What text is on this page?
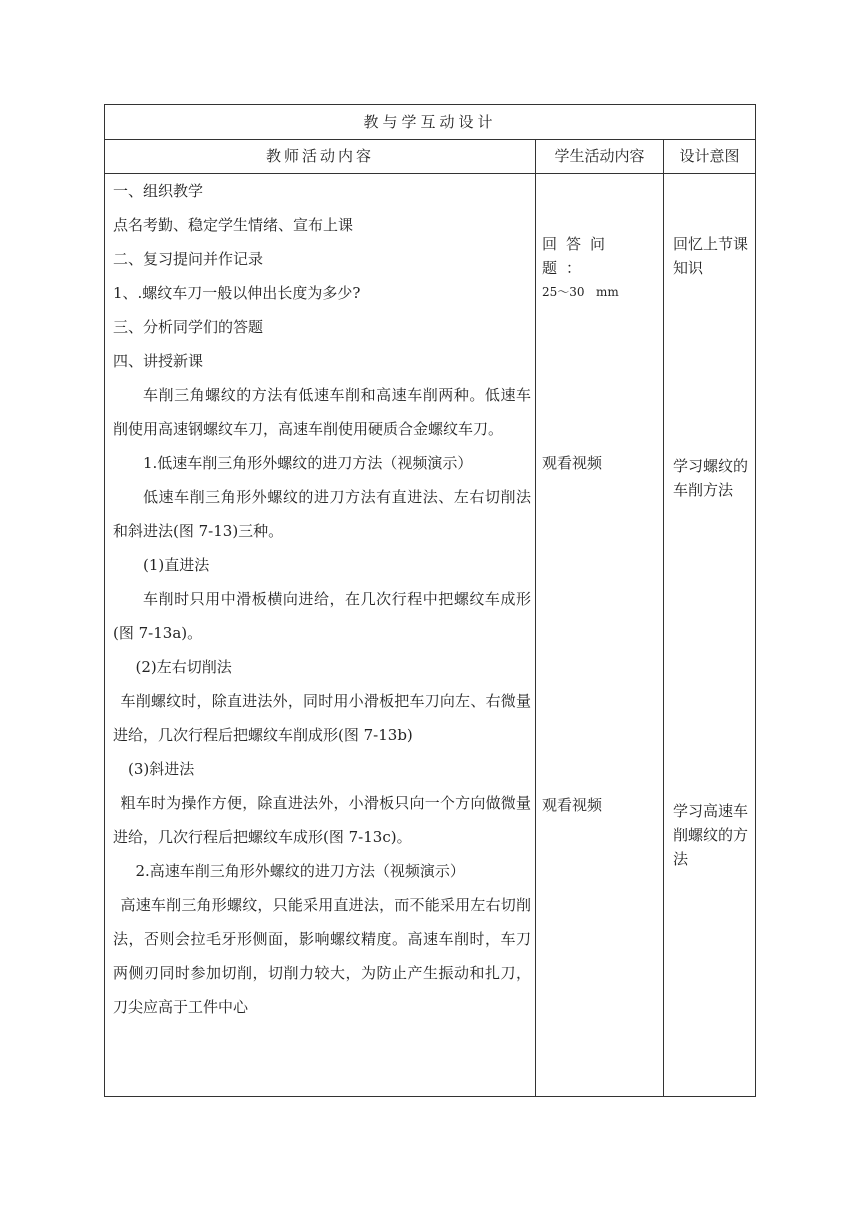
教与学互动设计
教师活动内容	学生活动内容	设计意图

一、组织教学

点名考勤、稳定学生情绪、宣布上课

二、复习提问并作记录

1、.螺纹车刀一般以伸出长度为多少?

三、分析同学们的答题

四、讲授新课

车削三角螺纹的方法有低速车削和高速车削两种。低速车削使用高速钢螺纹车刀，高速车削使用硬质合金螺纹车刀。

1.低速车削三角形外螺纹的进刀方法（视频演示）

低速车削三角形外螺纹的进刀方法有直进法、左右切削法和斜进法(图 7-13)三种。

(1)直进法

车削时只用中滑板横向进给，在几次行程中把螺纹车成形(图 7-13a)。

(2)左右切削法

车削螺纹时，除直进法外，同时用小滑板把车刀向左、右微量进给，几次行程后把螺纹车削成形(图 7-13b)

(3)斜进法

粗车时为操作方便，除直进法外，小滑板只向一个方向做微量进给，几次行程后把螺纹车成形(图 7-13c)。

2.高速车削三角形外螺纹的进刀方法（视频演示）

高速车削三角形螺纹，只能采用直进法，而不能采用左右切削法，否则会拉毛牙形侧面，影响螺纹精度。高速车削时，车刀两侧刃同时参加切削，切削力较大，为防止产生振动和扎刀，刀尖应高于工件中心

回答问题：
25～30 mm
观看视频
观看视频
回忆上节课知识
学习螺纹的车削方法
学习高速车削螺纹的方法
